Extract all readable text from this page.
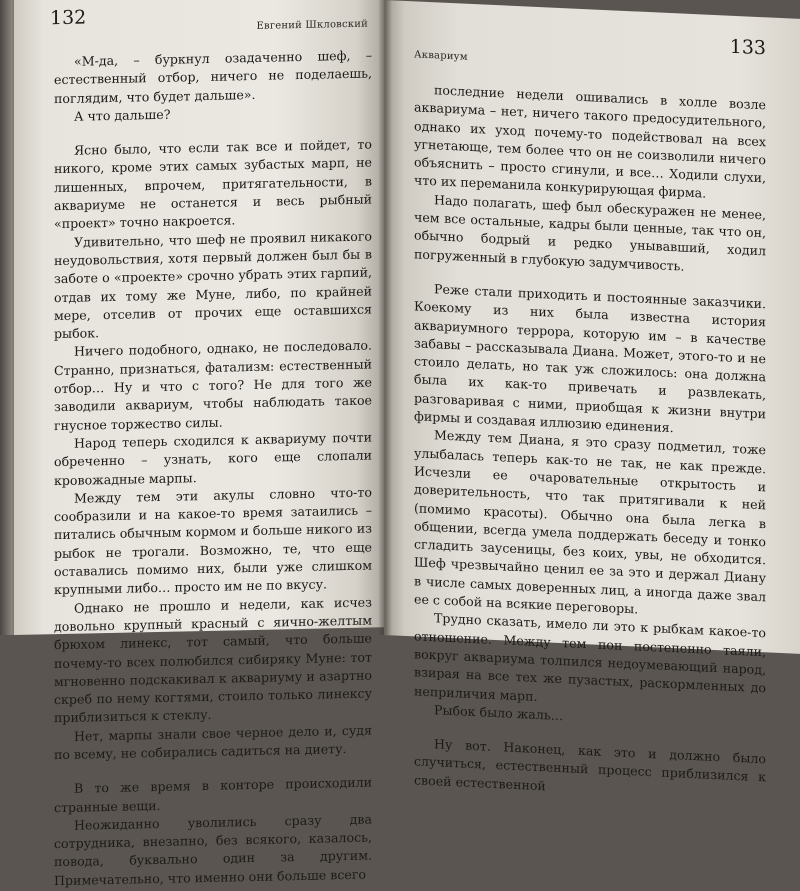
132	Евгений Шкловский

«М-да, – буркнул озадаченно шеф, – естественный отбор, ничего не поделаешь, поглядим, что будет дальше».

А что дальше?

Ясно было, что если так все и пойдет, то никого, кроме этих самых зубастых марп, не лишенных, впрочем, притягательности, в аквариуме не останется и весь рыбный «проект» точно накроется.

Удивительно, что шеф не проявил никакого неудовольствия, хотя первый должен был бы в заботе о «проекте» срочно убрать этих гарпий, отдав их тому же Муне, либо, по крайней мере, отселив от прочих еще оставшихся рыбок.

Ничего подобного, однако, не последовало. Странно, признаться, фатализм: естественный отбор… Ну и что с того? Не для того же заводили аквариум, чтобы наблюдать такое гнусное торжество силы.

Народ теперь сходился к аквариуму почти обреченно – узнать, кого еще слопали кровожадные марпы.

Между тем эти акулы словно что-то сообразили и на какое-то время затаились – питались обычным кормом и больше никого из рыбок не трогали. Возможно, те, что еще оставались помимо них, были уже слишком крупными либо… просто им не по вкусу.

Однако не прошло и недели, как исчез довольно крупный красный с яично-желтым брюхом линекс, тот самый, что больше почему-то всех полюбился сибиряку Муне: тот мгновенно подскакивал к аквариуму и азартно скреб по нему когтями, стоило только линексу приблизиться к стеклу.

Нет, марпы знали свое черное дело и, судя по всему, не собирались садиться на диету.

В то же время в конторе происходили странные вещи.

Неожиданно уволились сразу два сотрудника, внезапно, без всякого, казалось, повода, буквально один за другим. Примечательно, что именно они больше всего

133
Аквариум

последние недели ошивались в холле возле аквариума – нет, ничего такого предосудительного, однако их уход почему-то подействовал на всех угнетающе, тем более что он не соизволили ничего объяснить – просто сгинули, и все… Ходили слухи, что их переманила конкурирующая фирма.

Надо полагать, шеф был обескуражен не менее, чем все остальные, кадры были ценные, так что он, обычно бодрый и редко унывавший, ходил погруженный в глубокую задумчивость.

Реже стали приходить и постоянные заказчики. Коекому из них была известна история аквариумного террора, которую им – в качестве забавы – рассказывала Диана. Может, этого-то и не стоило делать, но так уж сложилось: она должна была их как-то привечать и развлекать, разговаривая с ними, приобщая к жизни внутри фирмы и создавая иллюзию единения.

Между тем Диана, я это сразу подметил, тоже улыбалась теперь как-то не так, не как прежде. Исчезли ее очаровательные открытость и доверительность, что так притягивали к ней (помимо красоты). Обычно она была легка в общении, всегда умела поддержать беседу и тонко сгладить заусеницы, без коих, увы, не обходится. Шеф чрезвычайно ценил ее за это и держал Диану в числе самых доверенных лиц, а иногда даже звал ее с собой на всякие переговоры.

Трудно сказать, имело ли это к рыбкам какое-то отношение. Между тем пон постепенно таяли, вокруг аквариума толпился недоумевающий народ, взирая на все тех же пузастых, раскормленных до неприличия марп.

Рыбок было жаль…

Ну вот. Наконец, как это и должно было случиться, естественный процесс приблизился к своей естественной
